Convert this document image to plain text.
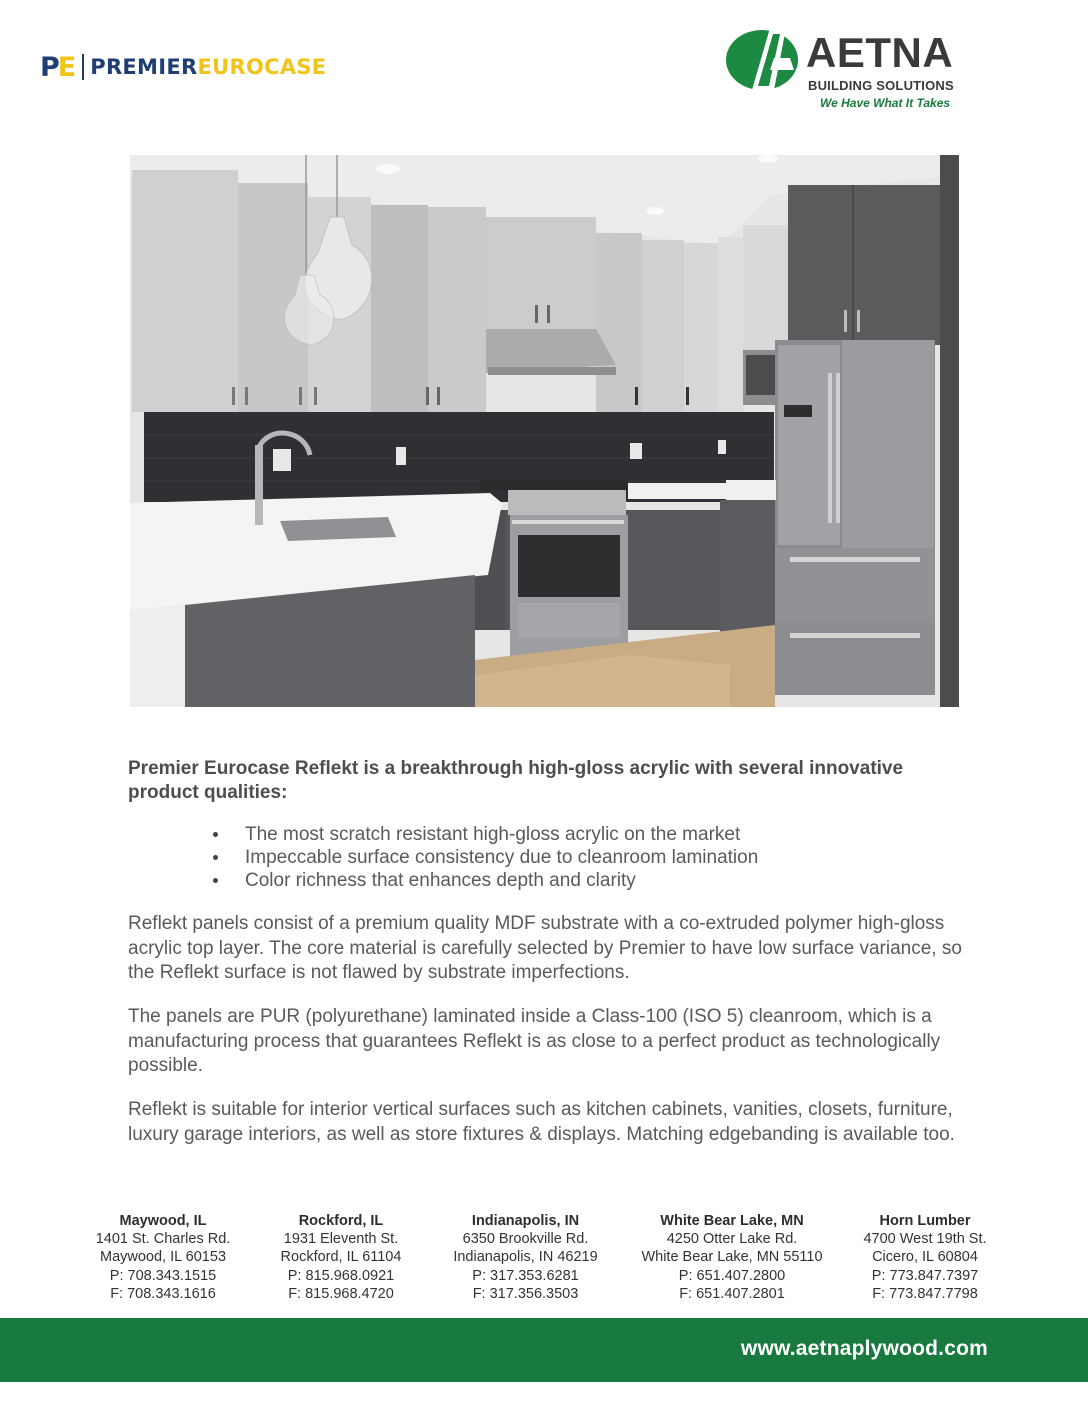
PE PREMIEREUROCASE	AETNA
BUILDING SOLUTIONS
We Have What It Takes
Premier Eurocase Reflekt is a breakthrough high-gloss acrylic with several innovative product qualities:
The most scratch resistant high-gloss acrylic on the market
Impeccable surface consistency due to cleanroom lamination
Color richness that enhances depth and clarity

Reflekt panels consist of a premium quality MDF substrate with a co-extruded polymer high-gloss acrylic top layer. The core material is carefully selected by Premier to have low surface variance, so the Reflekt surface is not flawed by substrate imperfections.

The panels are PUR (polyurethane) laminated inside a Class-100 (ISO 5) cleanroom, which is a manufacturing process that guarantees Reflekt is as close to a perfect product as technologically possible.

Reflekt is suitable for interior vertical surfaces such as kitchen cabinets, vanities, closets, furniture, luxury garage interiors, as well as store fixtures & displays. Matching edgebanding is available too.

Maywood, IL
1401 St. Charles Rd.
Maywood, IL 60153
P: 708.343.1515
F: 708.343.1616
Rockford, IL
1931 Eleventh St.
Rockford, IL 61104
P: 815.968.0921
F: 815.968.4720
Indianapolis, IN
6350 Brookville Rd.
Indianapolis, IN 46219
P: 317.353.6281
F: 317.356.3503
White Bear Lake, MN
4250 Otter Lake Rd.
White Bear Lake, MN 55110
P: 651.407.2800
F: 651.407.2801
Horn Lumber
4700 West 19th St.
Cicero, IL 60804
P: 773.847.7397
F: 773.847.7798
www.aetnaplywood.com
